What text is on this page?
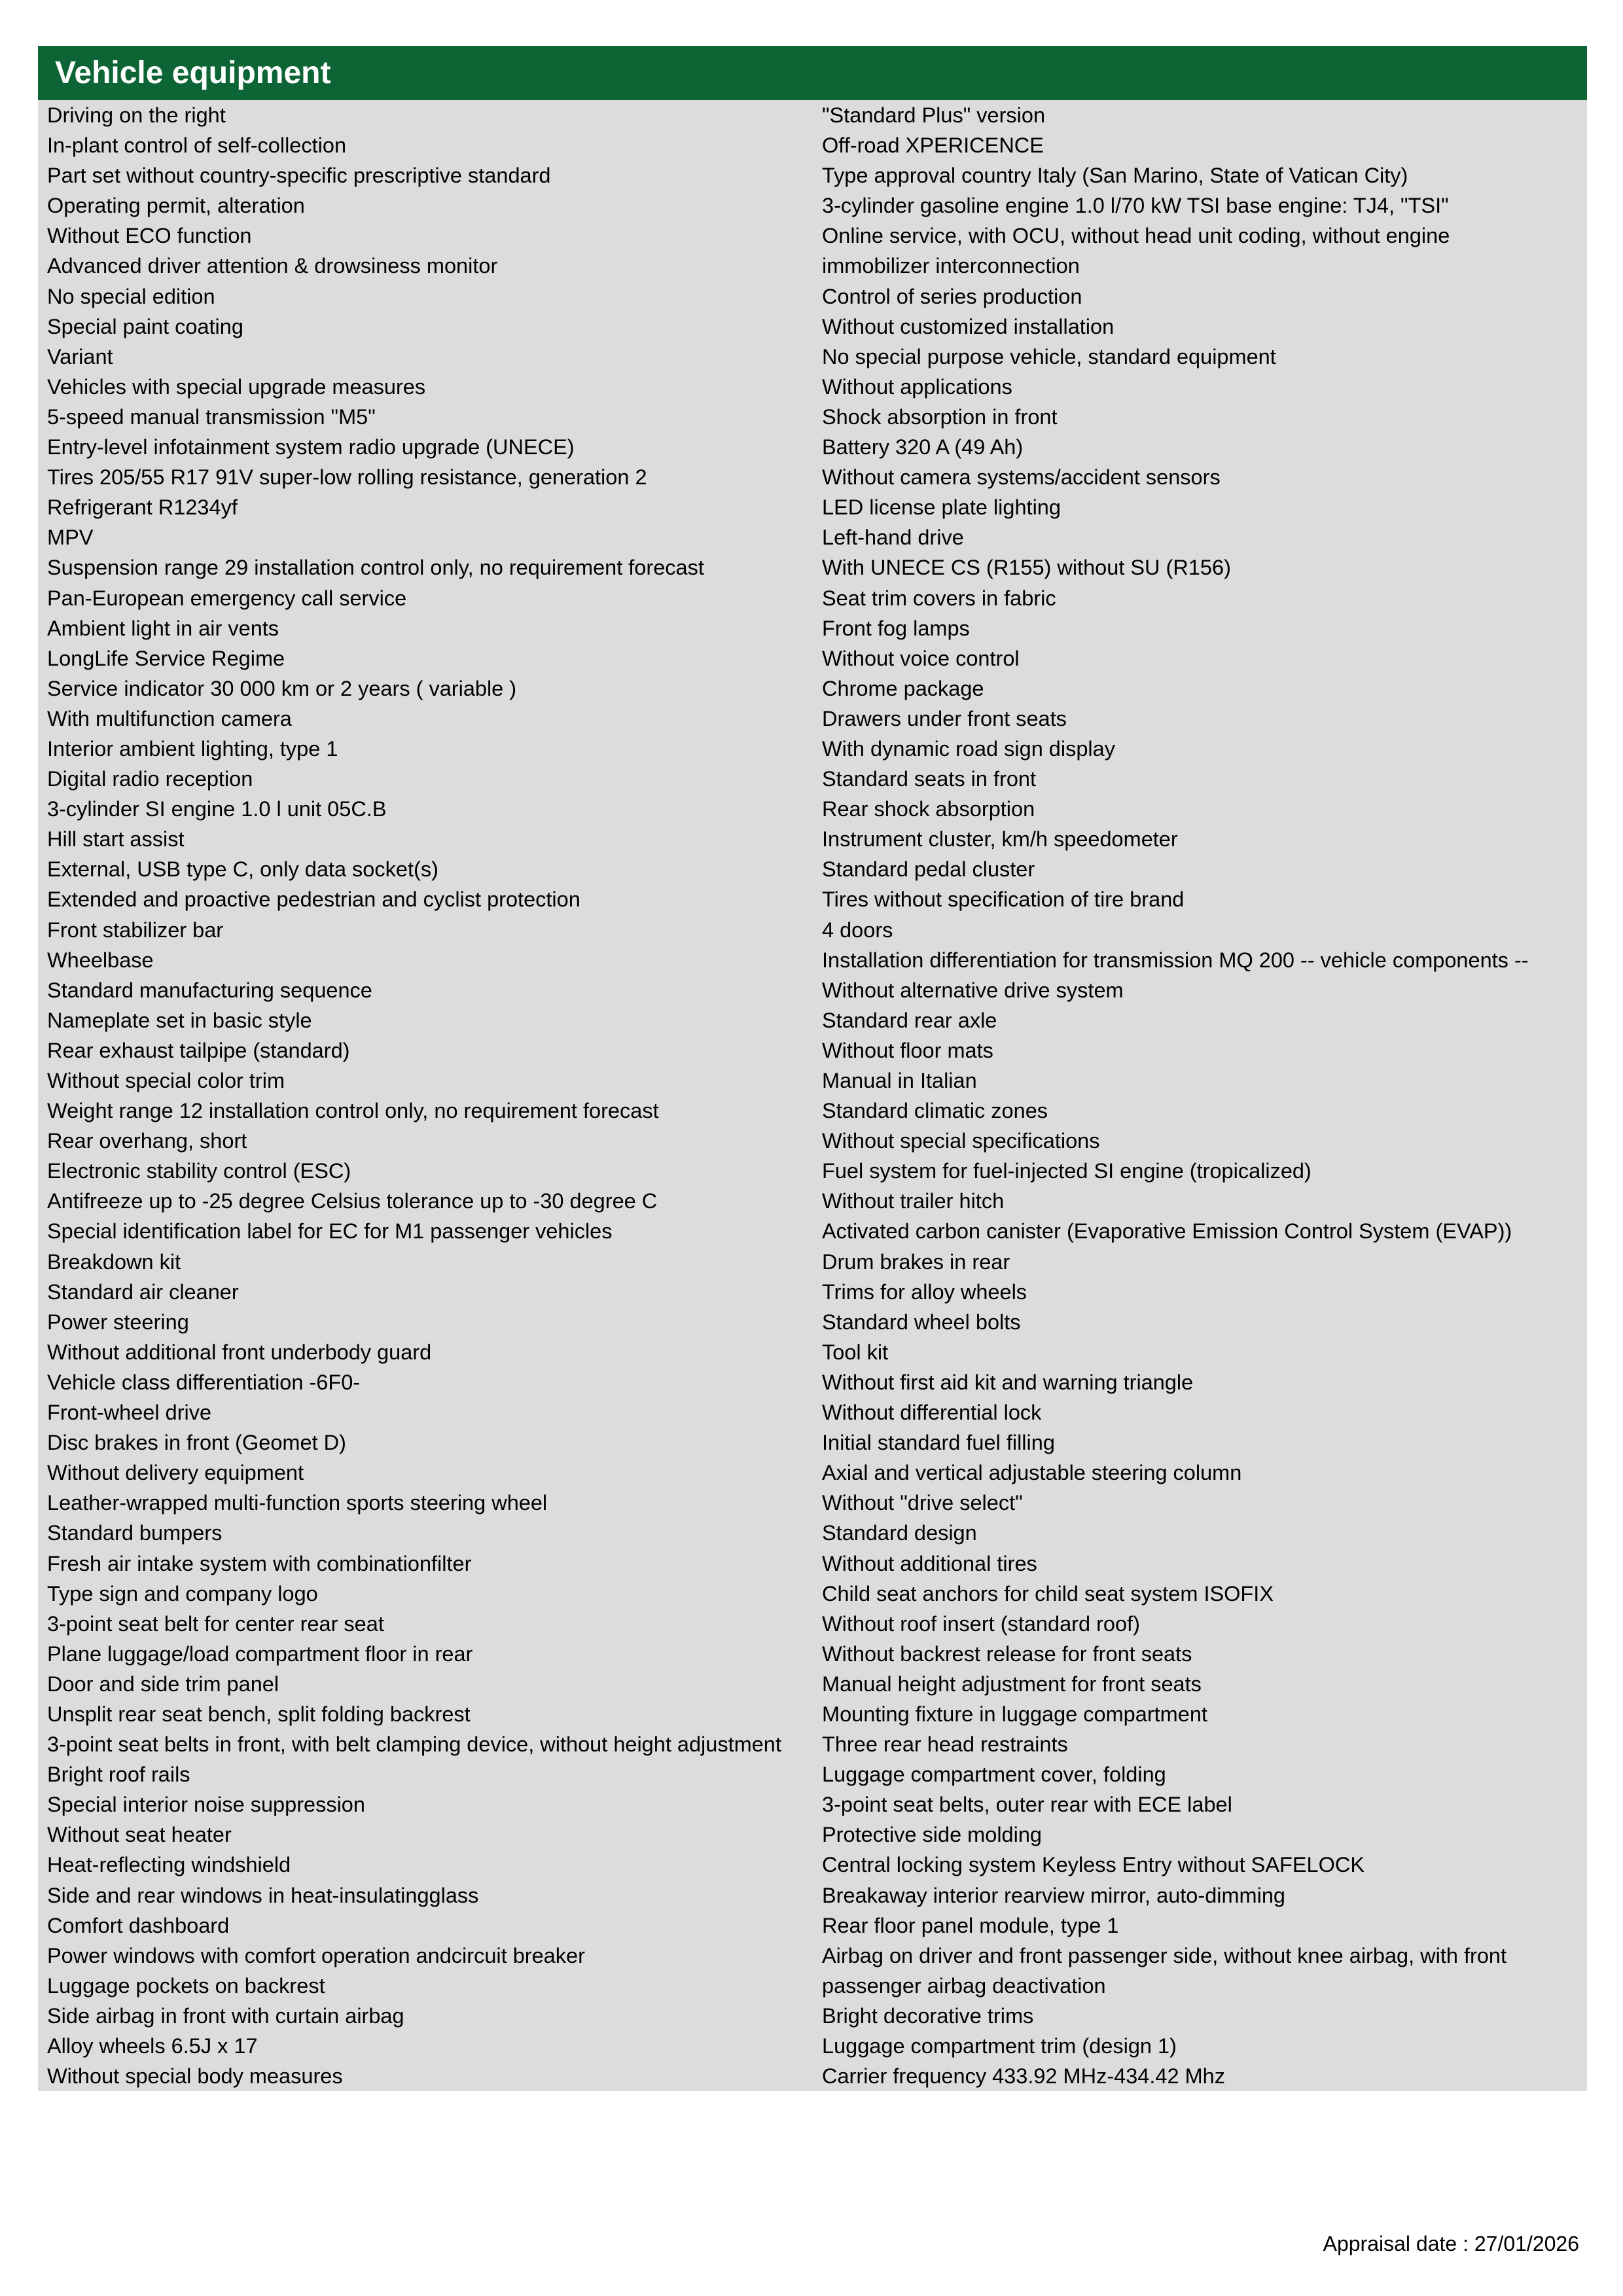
Vehicle equipment
Driving on the right
In-plant control of self-collection
Part set without country-specific prescriptive standard
Operating permit, alteration
Without ECO function
Advanced driver attention & drowsiness monitor
No special edition
Special paint coating
Variant
Vehicles with special upgrade measures
5-speed manual transmission "M5"
Entry-level infotainment system radio upgrade (UNECE)
Tires 205/55 R17 91V super-low rolling resistance, generation 2
Refrigerant R1234yf
MPV
Suspension range 29 installation control only, no requirement forecast
Pan-European emergency call service
Ambient light in air vents
LongLife Service Regime
Service indicator 30 000 km or 2 years ( variable )
With multifunction camera
Interior ambient lighting, type 1
Digital radio reception
3-cylinder SI engine 1.0 l unit 05C.B
Hill start assist
External, USB type C, only data socket(s)
Extended and proactive pedestrian and cyclist protection
Front stabilizer bar
Wheelbase
Standard manufacturing sequence
Nameplate set in basic style
Rear exhaust tailpipe (standard)
Without special color trim
Weight range 12 installation control only, no requirement forecast
Rear overhang, short
Electronic stability control (ESC)
Antifreeze up to -25 degree Celsius tolerance up to -30 degree C
Special identification label for EC for M1 passenger vehicles
Breakdown kit
Standard air cleaner
Power steering
Without additional front underbody guard
Vehicle class differentiation -6F0-
Front-wheel drive
Disc brakes in front (Geomet D)
Without delivery equipment
Leather-wrapped multi-function sports steering wheel
Standard bumpers
Fresh air intake system with combinationfilter
Type sign and company logo
3-point seat belt for center rear seat
Plane luggage/load compartment floor in rear
Door and side trim panel
Unsplit rear seat bench, split folding backrest
3-point seat belts in front, with belt clamping device, without height adjustment
Bright roof rails
Special interior noise suppression
Without seat heater
Heat-reflecting windshield
Side and rear windows in heat-insulatingglass
Comfort dashboard
Power windows with comfort operation andcircuit breaker
Luggage pockets on backrest
Side airbag in front with curtain airbag
Alloy wheels 6.5J x 17
Without special body measures
"Standard Plus" version
Off-road XPERICENCE
Type approval country Italy (San Marino, State of Vatican City)
3-cylinder gasoline engine 1.0 l/70 kW TSI base engine: TJ4, "TSI"
Online service, with OCU, without head unit coding, without engine immobilizer interconnection
Control of series production
Without customized installation
No special purpose vehicle, standard equipment
Without applications
Shock absorption in front
Battery 320 A (49 Ah)
Without camera systems/accident sensors
LED license plate lighting
Left-hand drive
With UNECE CS (R155) without SU (R156)
Seat trim covers in fabric
Front fog lamps
Without voice control
Chrome package
Drawers under front seats
With dynamic road sign display
Standard seats in front
Rear shock absorption
Instrument cluster, km/h speedometer
Standard pedal cluster
Tires without specification of tire brand
4 doors
Installation differentiation for transmission MQ 200 -- vehicle components --
Without alternative drive system
Standard rear axle
Without floor mats
Manual in Italian
Standard climatic zones
Without special specifications
Fuel system for fuel-injected SI engine (tropicalized)
Without trailer hitch
Activated carbon canister (Evaporative Emission Control System (EVAP))
Drum brakes in rear
Trims for alloy wheels
Standard wheel bolts
Tool kit
Without first aid kit and warning triangle
Without differential lock
Initial standard fuel filling
Axial and vertical adjustable steering column
Without "drive select"
Standard design
Without additional tires
Child seat anchors for child seat system ISOFIX
Without roof insert (standard roof)
Without backrest release for front seats
Manual height adjustment for front seats
Mounting fixture in luggage compartment
Three rear head restraints
Luggage compartment cover, folding
3-point seat belts, outer rear with ECE label
Protective side molding
Central locking system Keyless Entry without SAFELOCK
Breakaway interior rearview mirror, auto-dimming
Rear floor panel module, type 1
Airbag on driver and front passenger side, without knee airbag, with front passenger airbag deactivation
Bright decorative trims
Luggage compartment trim (design 1)
Carrier frequency 433.92 MHz-434.42 Mhz
Appraisal date : 27/01/2026
